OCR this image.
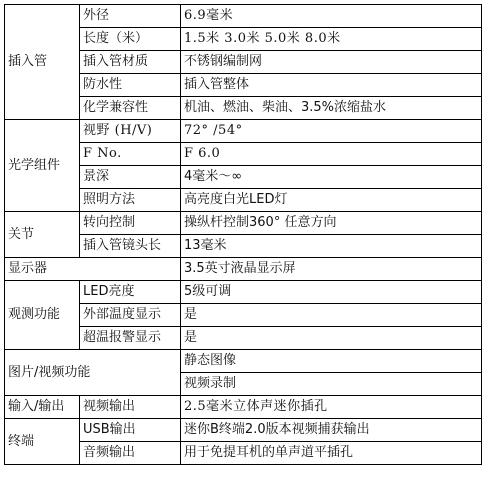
插入管	外径	6.9毫米
	长度（米）	1.5米 3.0米 5.0米 8.0米
	插入管材质	不锈钢编制网
	防水性	插入管整体
	化学兼容性	机油、燃油、柴油、3.5%浓缩盐水
光学组件	视野 (H/V)	72° /54°
	F No.	F 6.0
	景深	4毫米～∞
	照明方法	高亮度白光LED灯
关节	转向控制	操纵杆控制360° 任意方向
	插入管镜头长	13毫米
显示器		3.5英寸液晶显示屏
观测功能	LED亮度	5级可调
	外部温度显示	是
	超温报警显示	是
图片/视频功能		静态图像
		视频录制
输入/输出	视频输出	2.5毫米立体声迷你插孔
终端	USB输出	迷你B终端2.0版本视频捕获输出
	音频输出	用于免提耳机的单声道平插孔
